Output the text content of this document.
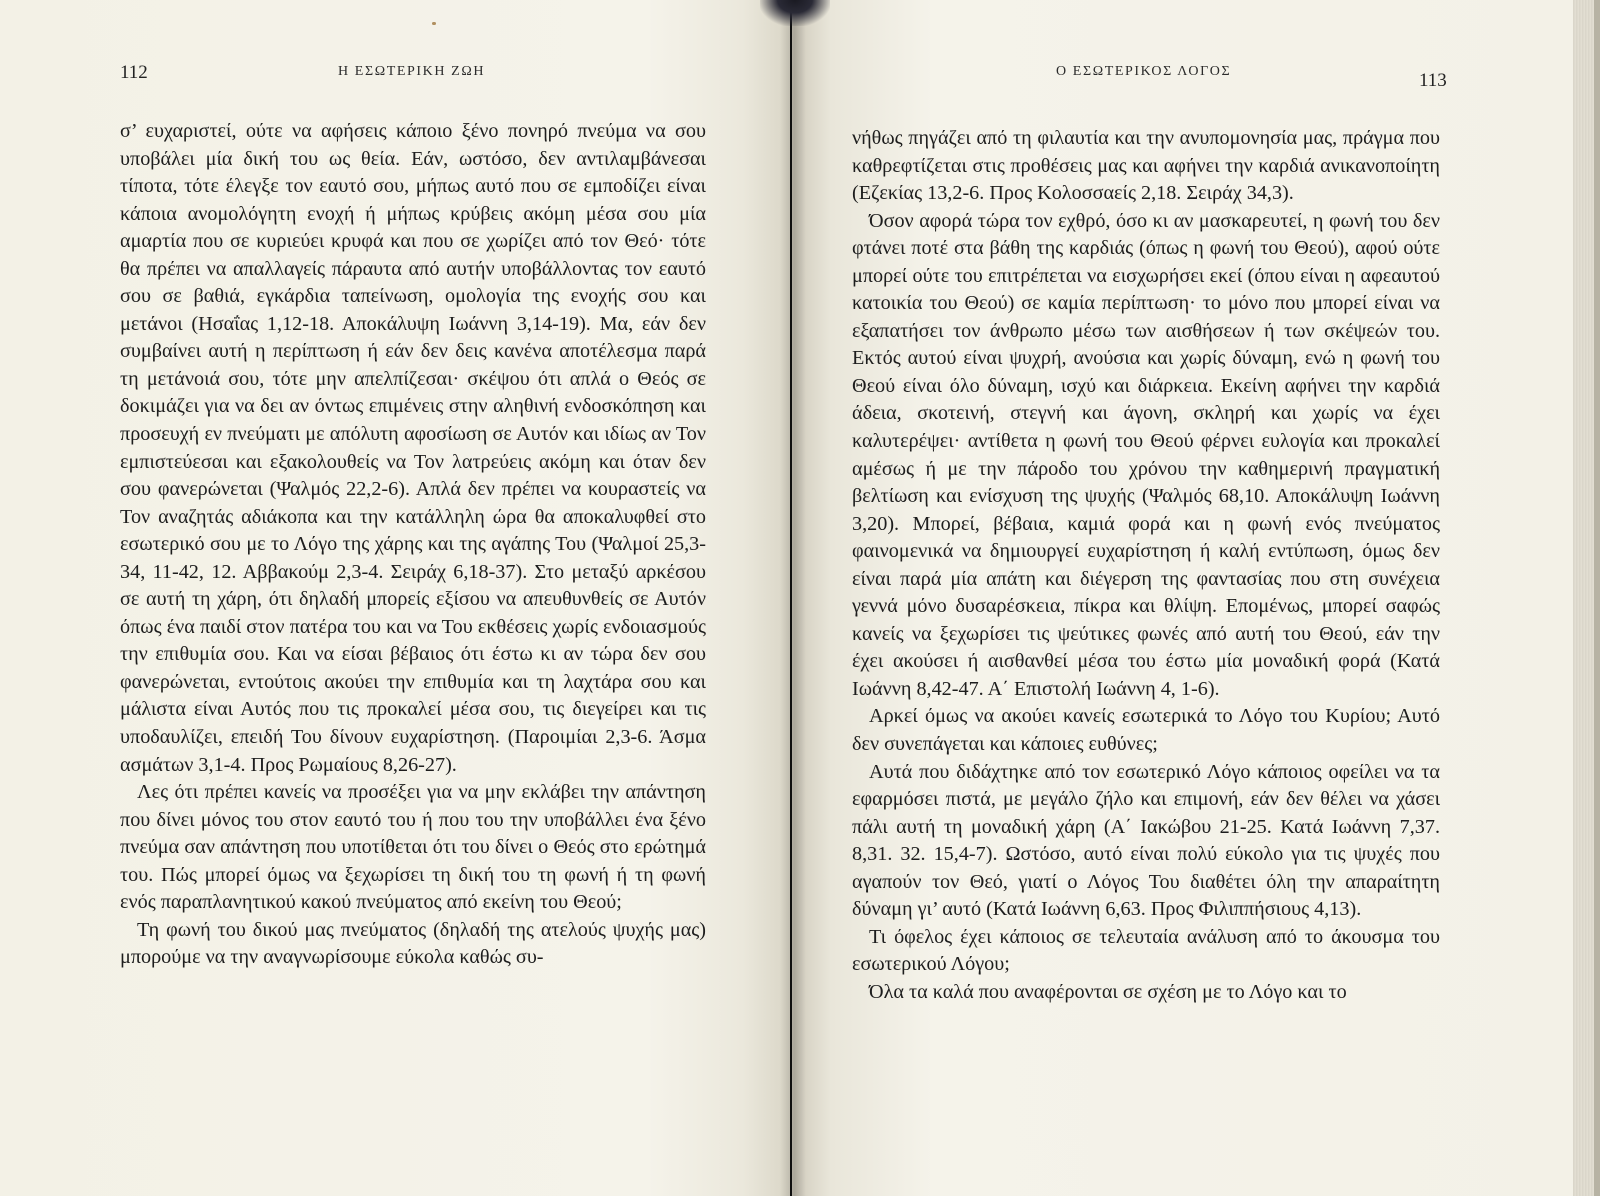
112	Η ΕΣΩΤΕΡΙΚΗ ΖΩΗ

σ’ ευχαριστεί, ούτε να αφήσεις κάποιο ξένο πονηρό πνεύμα να σου υποβάλει μία δική του ως θεία. Εάν, ωστόσο, δεν αντιλαμβάνεσαι τίποτα, τότε έλεγξε τον εαυτό σου, μήπως αυτό που σε εμποδίζει είναι κάποια ανομολόγητη ενοχή ή μήπως κρύβεις ακόμη μέσα σου μία αμαρτία που σε κυριεύει κρυφά και που σε χωρίζει από τον Θεό· τότε θα πρέπει να απαλλαγείς πάραυτα από αυτήν υποβάλλοντας τον εαυτό σου σε βαθιά, εγκάρδια ταπείνωση, ομολογία της ενοχής σου και μετάνοι (Ησαΐας 1,12-18. Αποκάλυψη Ιωάννη 3,14-19). Μα, εάν δεν συμβαίνει αυτή η περίπτωση ή εάν δεν δεις κανένα αποτέλεσμα παρά τη μετάνοιά σου, τότε μην απελπίζεσαι· σκέψου ότι απλά ο Θεός σε δοκιμάζει για να δει αν όντως επιμένεις στην αληθινή ενδοσκόπηση και προσευχή εν πνεύματι με απόλυτη αφοσίωση σε Αυτόν και ιδίως αν Τον εμπιστεύεσαι και εξακολουθείς να Τον λατρεύεις ακόμη και όταν δεν σου φανερώνεται (Ψαλμός 22,2-6). Απλά δεν πρέπει να κουραστείς να Τον αναζητάς αδιάκοπα και την κατάλληλη ώρα θα αποκαλυφθεί στο εσωτερικό σου με το Λόγο της χάρης και της αγάπης Του (Ψαλμοί 25,3-34, 11-42, 12. Αββακούμ 2,3-4. Σειράχ 6,18-37). Στο μεταξύ αρκέσου σε αυτή τη χάρη, ότι δηλαδή μπορείς εξίσου να απευθυνθείς σε Αυτόν όπως ένα παιδί στον πατέρα του και να Του εκθέσεις χωρίς ενδοιασμούς την επιθυμία σου. Και να είσαι βέβαιος ότι έστω κι αν τώρα δεν σου φανερώνεται, εντούτοις ακούει την επιθυμία και τη λαχτάρα σου και μάλιστα είναι Αυτός που τις προκαλεί μέσα σου, τις διεγείρει και τις υποδαυλίζει, επειδή Του δίνουν ευχαρίστηση. (Παροιμίαι 2,3-6. Άσμα ασμάτων 3,1-4. Προς Ρωμαίους 8,26-27).

Λες ότι πρέπει κανείς να προσέξει για να μην εκλάβει την απάντηση που δίνει μόνος του στον εαυτό του ή που του την υποβάλλει ένα ξένο πνεύμα σαν απάντηση που υποτίθεται ότι του δίνει ο Θεός στο ερώτημά του. Πώς μπορεί όμως να ξεχωρίσει τη δική του τη φωνή ή τη φωνή ενός παραπλανητικού κακού πνεύματος από εκείνη του Θεού;

Τη φωνή του δικού μας πνεύματος (δηλαδή της ατελούς ψυχής μας) μπορούμε να την αναγνωρίσουμε εύκολα καθώς συ-

Ο ΕΣΩΤΕΡΙΚΟΣ ΛΟΓΟΣ	113

νήθως πηγάζει από τη φιλαυτία και την ανυπομονησία μας, πράγμα που καθρεφτίζεται στις προθέσεις μας και αφήνει την καρδιά ανικανοποίητη (Εζεκίας 13,2-6. Προς Κολοσσαείς 2,18. Σειράχ 34,3).

Όσον αφορά τώρα τον εχθρό, όσο κι αν μασκαρευτεί, η φωνή του δεν φτάνει ποτέ στα βάθη της καρδιάς (όπως η φωνή του Θεού), αφού ούτε μπορεί ούτε του επιτρέπεται να εισχωρήσει εκεί (όπου είναι η αφεαυτού κατοικία του Θεού) σε καμία περίπτωση· το μόνο που μπορεί είναι να εξαπατήσει τον άνθρωπο μέσω των αισθήσεων ή των σκέψεών του. Εκτός αυτού είναι ψυχρή, ανούσια και χωρίς δύναμη, ενώ η φωνή του Θεού είναι όλο δύναμη, ισχύ και διάρκεια. Εκείνη αφήνει την καρδιά άδεια, σκοτεινή, στεγνή και άγονη, σκληρή και χωρίς να έχει καλυτερέψει· αντίθετα η φωνή του Θεού φέρνει ευλογία και προκαλεί αμέσως ή με την πάροδο του χρόνου την καθημερινή πραγματική βελτίωση και ενίσχυση της ψυχής (Ψαλμός 68,10. Αποκάλυψη Ιωάννη 3,20). Μπορεί, βέβαια, καμιά φορά και η φωνή ενός πνεύματος φαινομενικά να δημιουργεί ευχαρίστηση ή καλή εντύπωση, όμως δεν είναι παρά μία απάτη και διέγερση της φαντασίας που στη συνέχεια γεννά μόνο δυσαρέσκεια, πίκρα και θλίψη. Επομένως, μπορεί σαφώς κανείς να ξεχωρίσει τις ψεύτικες φωνές από αυτή του Θεού, εάν την έχει ακούσει ή αισθανθεί μέσα του έστω μία μοναδική φορά (Κατά Ιωάννη 8,42-47. Α΄ Επιστολή Ιωάννη 4, 1-6).

Αρκεί όμως να ακούει κανείς εσωτερικά το Λόγο του Κυρίου; Αυτό δεν συνεπάγεται και κάποιες ευθύνες;

Αυτά που διδάχτηκε από τον εσωτερικό Λόγο κάποιος οφείλει να τα εφαρμόσει πιστά, με μεγάλο ζήλο και επιμονή, εάν δεν θέλει να χάσει πάλι αυτή τη μοναδική χάρη (Α΄ Ιακώβου 21-25. Κατά Ιωάννη 7,37. 8,31. 32. 15,4-7). Ωστόσο, αυτό είναι πολύ εύκολο για τις ψυχές που αγαπούν τον Θεό, γιατί ο Λόγος Του διαθέτει όλη την απαραίτητη δύναμη γι’ αυτό (Κατά Ιωάννη 6,63. Προς Φιλιππήσιους 4,13).

Τι όφελος έχει κάποιος σε τελευταία ανάλυση από το άκουσμα του εσωτερικού Λόγου;

Όλα τα καλά που αναφέρονται σε σχέση με το Λόγο και το
